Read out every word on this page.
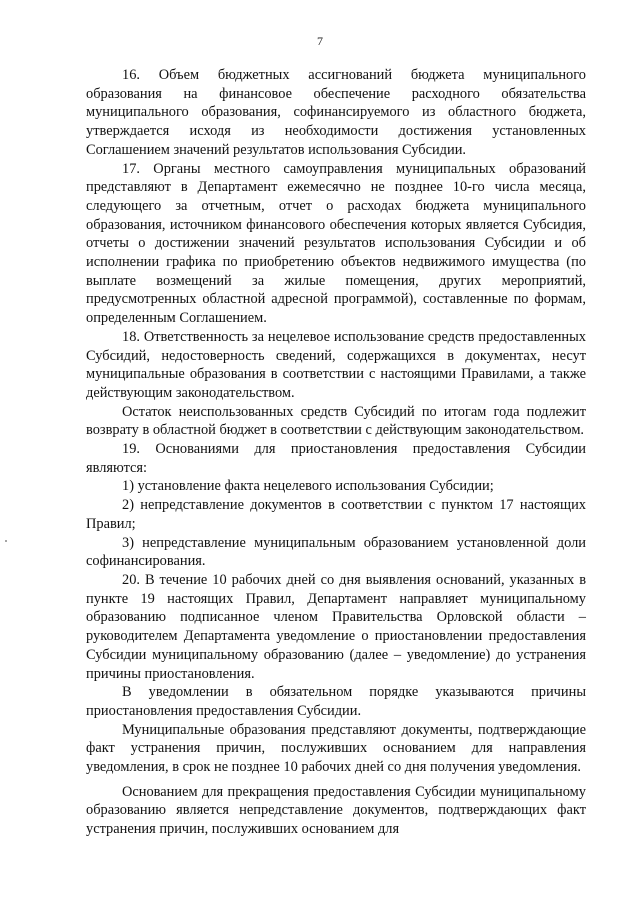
7

16. Объем бюджетных ассигнований бюджета муниципального образования на финансовое обеспечение расходного обязательства муниципального образования, софинансируемого из областного бюджета, утверждается исходя из необходимости достижения установленных Соглашением значений результатов использования Субсидии.

17. Органы местного самоуправления муниципальных образований представляют в Департамент ежемесячно не позднее 10-го числа месяца, следующего за отчетным, отчет о расходах бюджета муниципального образования, источником финансового обеспечения которых является Субсидия, отчеты о достижении значений результатов использования Субсидии и об исполнении графика по приобретению объектов недвижимого имущества (по выплате возмещений за жилые помещения, других мероприятий, предусмотренных областной адресной программой), составленные по формам, определенным Соглашением.

18. Ответственность за нецелевое использование средств предоставленных Субсидий, недостоверность сведений, содержащихся в документах, несут муниципальные образования в соответствии с настоящими Правилами, а также действующим законодательством.

Остаток неиспользованных средств Субсидий по итогам года подлежит возврату в областной бюджет в соответствии с действующим законодательством.

19. Основаниями для приостановления предоставления Субсидии являются:

1) установление факта нецелевого использования Субсидии;

2) непредставление документов в соответствии с пунктом 17 настоящих Правил;

3) непредставление муниципальным образованием установленной доли софинансирования.

20. В течение 10 рабочих дней со дня выявления оснований, указанных в пункте 19 настоящих Правил, Департамент направляет муниципальному образованию подписанное членом Правительства Орловской области – руководителем Департамента уведомление о приостановлении предоставления Субсидии муниципальному образованию (далее – уведомление) до устранения причины приостановления.

В уведомлении в обязательном порядке указываются причины приостановления предоставления Субсидии.

Муниципальные образования представляют документы, подтверждающие факт устранения причин, послуживших основанием для направления уведомления, в срок не позднее 10 рабочих дней со дня получения уведомления.

Основанием для прекращения предоставления Субсидии муниципальному образованию является непредставление документов, подтверждающих факт устранения причин, послуживших основанием для
